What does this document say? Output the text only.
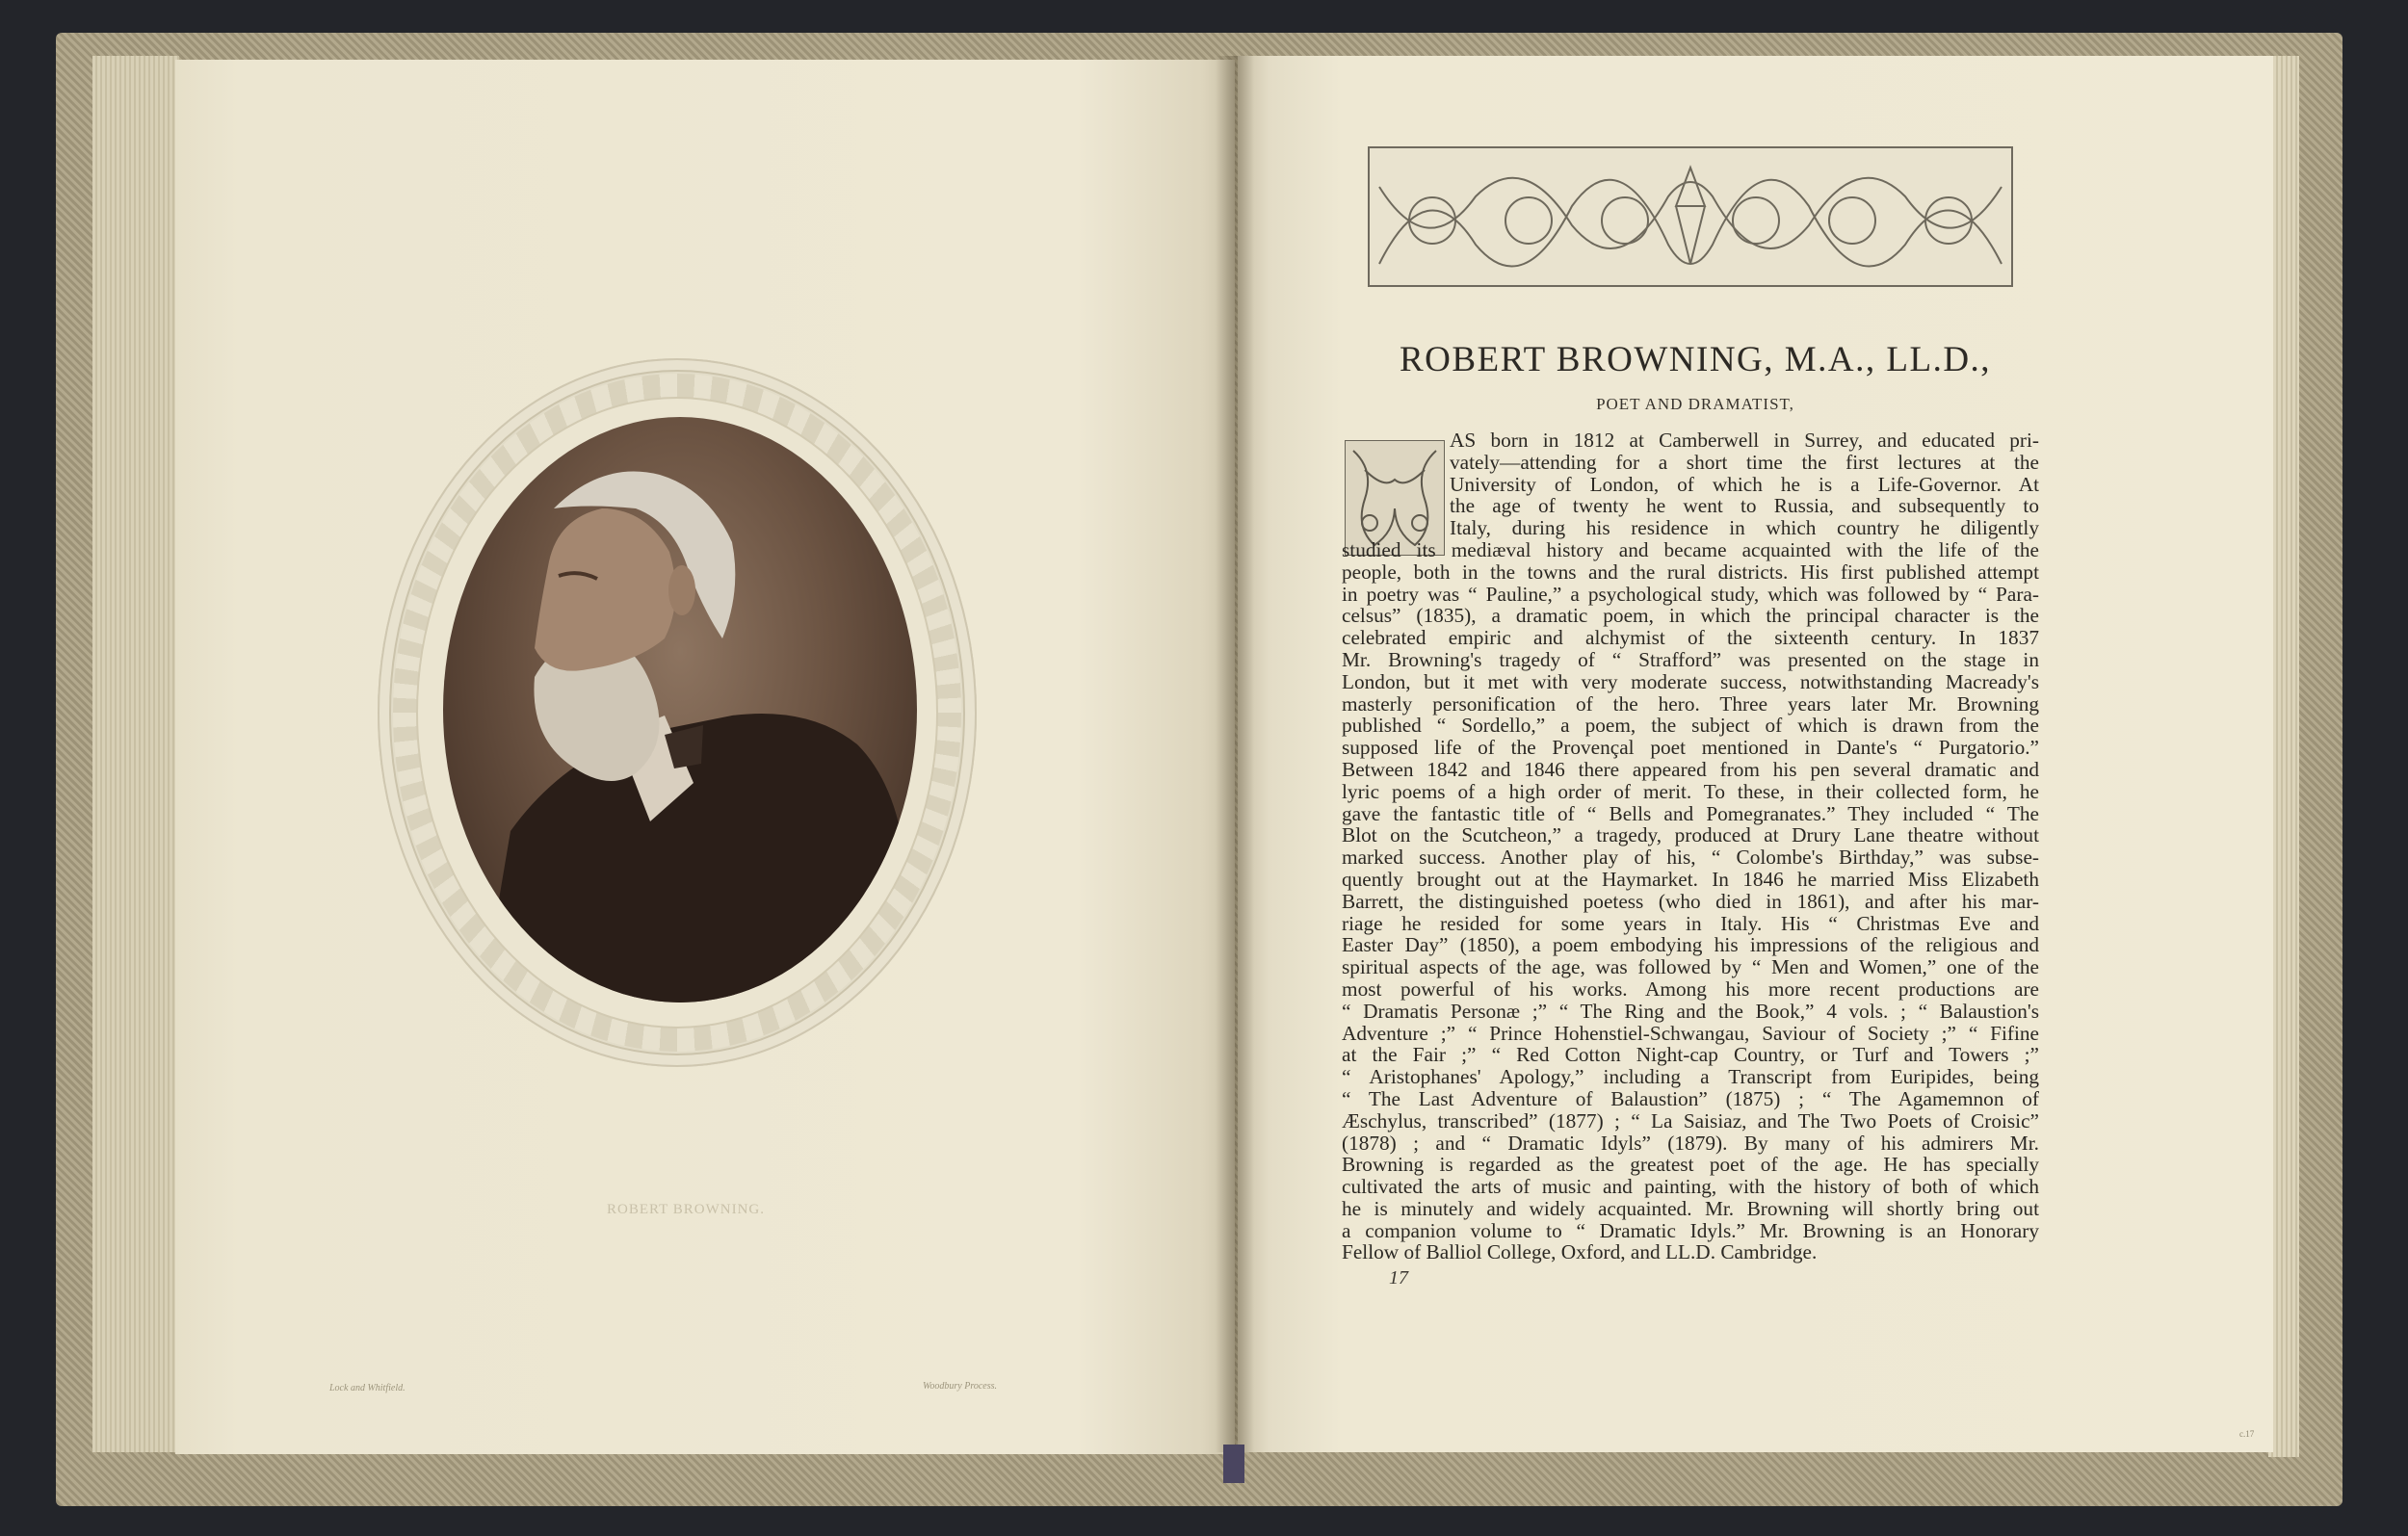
ROBERT BROWNING.
Lock and Whitfield.	Woodbury Process.
ROBERT BROWNING, M.A., LL.D.,
POET AND DRAMATIST,
AS born in 1812 at Camberwell in Surrey, and educated pri-
vately—attending for a short time the first lectures at the
University of London, of which he is a Life-Governor. At
the age of twenty he went to Russia, and subsequently to
Italy, during his residence in which country he diligently
studied its mediæval history and became acquainted with the life of the
people, both in the towns and the rural districts. His first published attempt
in poetry was “ Pauline,” a psychological study, which was followed by “ Para-
celsus” (1835), a dramatic poem, in which the principal character is the
celebrated empiric and alchymist of the sixteenth century. In 1837
Mr. Browning's tragedy of “ Strafford” was presented on the stage in
London, but it met with very moderate success, notwithstanding Macready's
masterly personification of the hero. Three years later Mr. Browning
published “ Sordello,” a poem, the subject of which is drawn from the
supposed life of the Provençal poet mentioned in Dante's “ Purgatorio.”
Between 1842 and 1846 there appeared from his pen several dramatic and
lyric poems of a high order of merit. To these, in their collected form, he
gave the fantastic title of “ Bells and Pomegranates.” They included “ The
Blot on the Scutcheon,” a tragedy, produced at Drury Lane theatre without
marked success. Another play of his, “ Colombe's Birthday,” was subse-
quently brought out at the Haymarket. In 1846 he married Miss Elizabeth
Barrett, the distinguished poetess (who died in 1861), and after his mar-
riage he resided for some years in Italy. His “ Christmas Eve and
Easter Day” (1850), a poem embodying his impressions of the religious and
spiritual aspects of the age, was followed by “ Men and Women,” one of the
most powerful of his works. Among his more recent productions are
“ Dramatis Personæ ;” “ The Ring and the Book,” 4 vols. ; “ Balaustion's
Adventure ;” “ Prince Hohenstiel-Schwangau, Saviour of Society ;” “ Fifine
at the Fair ;” “ Red Cotton Night-cap Country, or Turf and Towers ;”
“ Aristophanes' Apology,” including a Transcript from Euripides, being
“ The Last Adventure of Balaustion” (1875) ; “ The Agamemnon of
Æschylus, transcribed” (1877) ; “ La Saisiaz, and The Two Poets of Croisic”
(1878) ; and “ Dramatic Idyls” (1879). By many of his admirers Mr.
Browning is regarded as the greatest poet of the age. He has specially
cultivated the arts of music and painting, with the history of both of which
he is minutely and widely acquainted. Mr. Browning will shortly bring out
a companion volume to “ Dramatic Idyls.” Mr. Browning is an Honorary
Fellow of Balliol College, Oxford, and LL.D. Cambridge.
17
c.17
